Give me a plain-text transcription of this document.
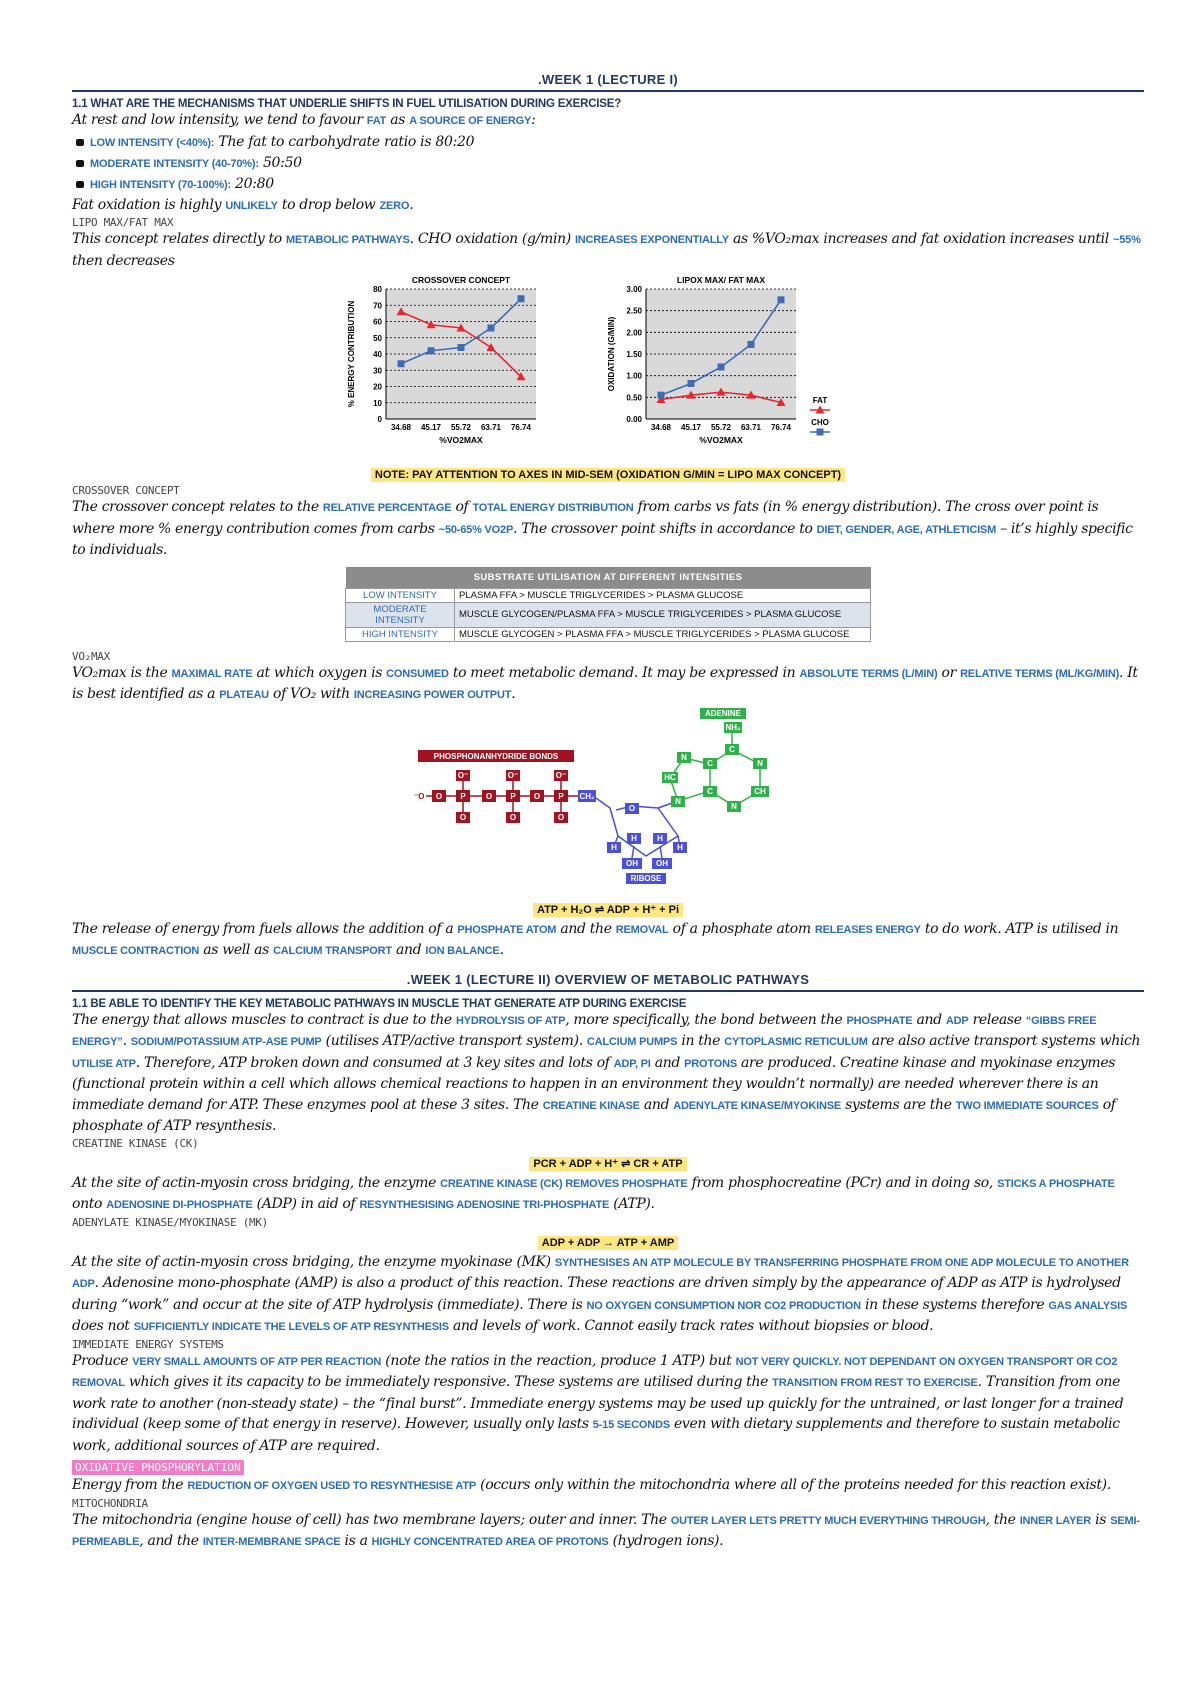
.WEEK 1 (LECTURE I)
1.1 WHAT ARE THE MECHANISMS THAT UNDERLIE SHIFTS IN FUEL UTILISATION DURING EXERCISE?

At rest and low intensity, we tend to favour FAT as A SOURCE OF ENERGY:

LOW INTENSITY (<40%): The fat to carbohydrate ratio is 80:20
MODERATE INTENSITY (40-70%): 50:50
HIGH INTENSITY (70-100%): 20:80

Fat oxidation is highly UNLIKELY to drop below ZERO.

LIPO MAX/FAT MAX

This concept relates directly to METABOLIC PATHWAYS. CHO oxidation (g/min) INCREASES EXPONENTIALLY as %VO₂max increases and fat oxidation increases until ~55% then decreases

0
10
20
30
40
50
60
70
80
34.68 45.17 55.72 63.71 76.74
CROSSOVER CONCEPT
%VO2MAX
% ENERGY CONTRIBUTION
0.00
0.50
1.00
1.50
2.00
2.50
3.00
34.68 45.17 55.72 63.71 76.74
LIPOX MAX/ FAT MAX
%VO2MAX
OXIDATION (G/MIN)
FAT
CHO
NOTE: PAY ATTENTION TO AXES IN MID-SEM (OXIDATION G/MIN = LIPO MAX CONCEPT)
CROSSOVER CONCEPT

The crossover concept relates to the RELATIVE PERCENTAGE of TOTAL ENERGY DISTRIBUTION from carbs vs fats (in % energy distribution). The cross over point is where more % energy contribution comes from carbs ~50-65% VO2P. The crossover point shifts in accordance to DIET, GENDER, AGE, ATHLETICISM – it’s highly specific to individuals.

SUBSTRATE UTILISATION AT DIFFERENT INTENSITIES	
LOW INTENSITY	PLASMA FFA > MUSCLE TRIGLYCERIDES > PLASMA GLUCOSE
MODERATE INTENSITY	MUSCLE GLYCOGEN/PLASMA FFA > MUSCLE TRIGLYCERIDES > PLASMA GLUCOSE
HIGH INTENSITY	MUSCLE GLYCOGEN > PLASMA FFA > MUSCLE TRIGLYCERIDES > PLASMA GLUCOSE
VO₂MAX

VO₂max is the MAXIMAL RATE at which oxygen is CONSUMED to meet metabolic demand. It may be expressed in ABSOLUTE TERMS (L/MIN) or RELATIVE TERMS (ML/KG/MIN). It is best identified as a PLATEAU of VO₂ with INCREASING POWER OUTPUT.

PHOSPHONANHYDRIDE BONDS
O⁻	O⁻	O⁻
P	P	P
O	O	O
O	O	O
⁻O	CH₂
O
H	H
H	H
OH OH
RIBOSE
ADENINE
NH₂
N
HC
N
C
C
C
N
CH
N
ATP + H₂O ⇌ ADP + H⁺ + Pi

The release of energy from fuels allows the addition of a PHOSPHATE ATOM and the REMOVAL of a phosphate atom RELEASES ENERGY to do work. ATP is utilised in MUSCLE CONTRACTION as well as CALCIUM TRANSPORT and ION BALANCE.

.WEEK 1 (LECTURE II) OVERVIEW OF METABOLIC PATHWAYS
1.1 BE ABLE TO IDENTIFY THE KEY METABOLIC PATHWAYS IN MUSCLE THAT GENERATE ATP DURING EXERCISE

The energy that allows muscles to contract is due to the HYDROLYSIS OF ATP, more specifically, the bond between the PHOSPHATE and ADP release “GIBBS FREE ENERGY”. SODIUM/POTASSIUM ATP-ASE PUMP (utilises ATP/active transport system). CALCIUM PUMPS in the CYTOPLASMIC RETICULUM are also active transport systems which UTILISE ATP. Therefore, ATP broken down and consumed at 3 key sites and lots of ADP, PI and PROTONS are produced. Creatine kinase and myokinase enzymes (functional protein within a cell which allows chemical reactions to happen in an environment they wouldn’t normally) are needed wherever there is an immediate demand for ATP. These enzymes pool at these 3 sites. The CREATINE KINASE and ADENYLATE KINASE/MYOKINSE systems are the TWO IMMEDIATE SOURCES of phosphate of ATP resynthesis.

CREATINE KINASE (CK)
PCR + ADP + H⁺ ⇌ CR + ATP

At the site of actin-myosin cross bridging, the enzyme CREATINE KINASE (CK) REMOVES PHOSPHATE from phosphocreatine (PCr) and in doing so, STICKS A PHOSPHATE onto ADENOSINE DI-PHOSPHATE (ADP) in aid of RESYNTHESISING ADENOSINE TRI-PHOSPHATE (ATP).

ADENYLATE KINASE/MYOKINASE (MK)
ADP + ADP → ATP + AMP

At the site of actin-myosin cross bridging, the enzyme myokinase (MK) SYNTHESISES AN ATP MOLECULE BY TRANSFERRING PHOSPHATE FROM ONE ADP MOLECULE TO ANOTHER ADP. Adenosine mono-phosphate (AMP) is also a product of this reaction. These reactions are driven simply by the appearance of ADP as ATP is hydrolysed during “work” and occur at the site of ATP hydrolysis (immediate). There is NO OXYGEN CONSUMPTION NOR CO2 PRODUCTION in these systems therefore GAS ANALYSIS does not SUFFICIENTLY INDICATE THE LEVELS OF ATP RESYNTHESIS and levels of work. Cannot easily track rates without biopsies or blood.

IMMEDIATE ENERGY SYSTEMS

Produce VERY SMALL AMOUNTS OF ATP PER REACTION (note the ratios in the reaction, produce 1 ATP) but NOT VERY QUICKLY. NOT DEPENDANT ON OXYGEN TRANSPORT OR CO2 REMOVAL which gives it its capacity to be immediately responsive. These systems are utilised during the TRANSITION FROM REST TO EXERCISE. Transition from one work rate to another (non-steady state) – the “final burst”. Immediate energy systems may be used up quickly for the untrained, or last longer for a trained individual (keep some of that energy in reserve). However, usually only lasts 5-15 SECONDS even with dietary supplements and therefore to sustain metabolic work, additional sources of ATP are required.

OXIDATIVE PHOSPHORYLATION

Energy from the REDUCTION OF OXYGEN USED TO RESYNTHESISE ATP (occurs only within the mitochondria where all of the proteins needed for this reaction exist).

MITOCHONDRIA

The mitochondria (engine house of cell) has two membrane layers; outer and inner. The OUTER LAYER LETS PRETTY MUCH EVERYTHING THROUGH, the INNER LAYER is SEMI-PERMEABLE, and the INTER-MEMBRANE SPACE is a HIGHLY CONCENTRATED AREA OF PROTONS (hydrogen ions).
